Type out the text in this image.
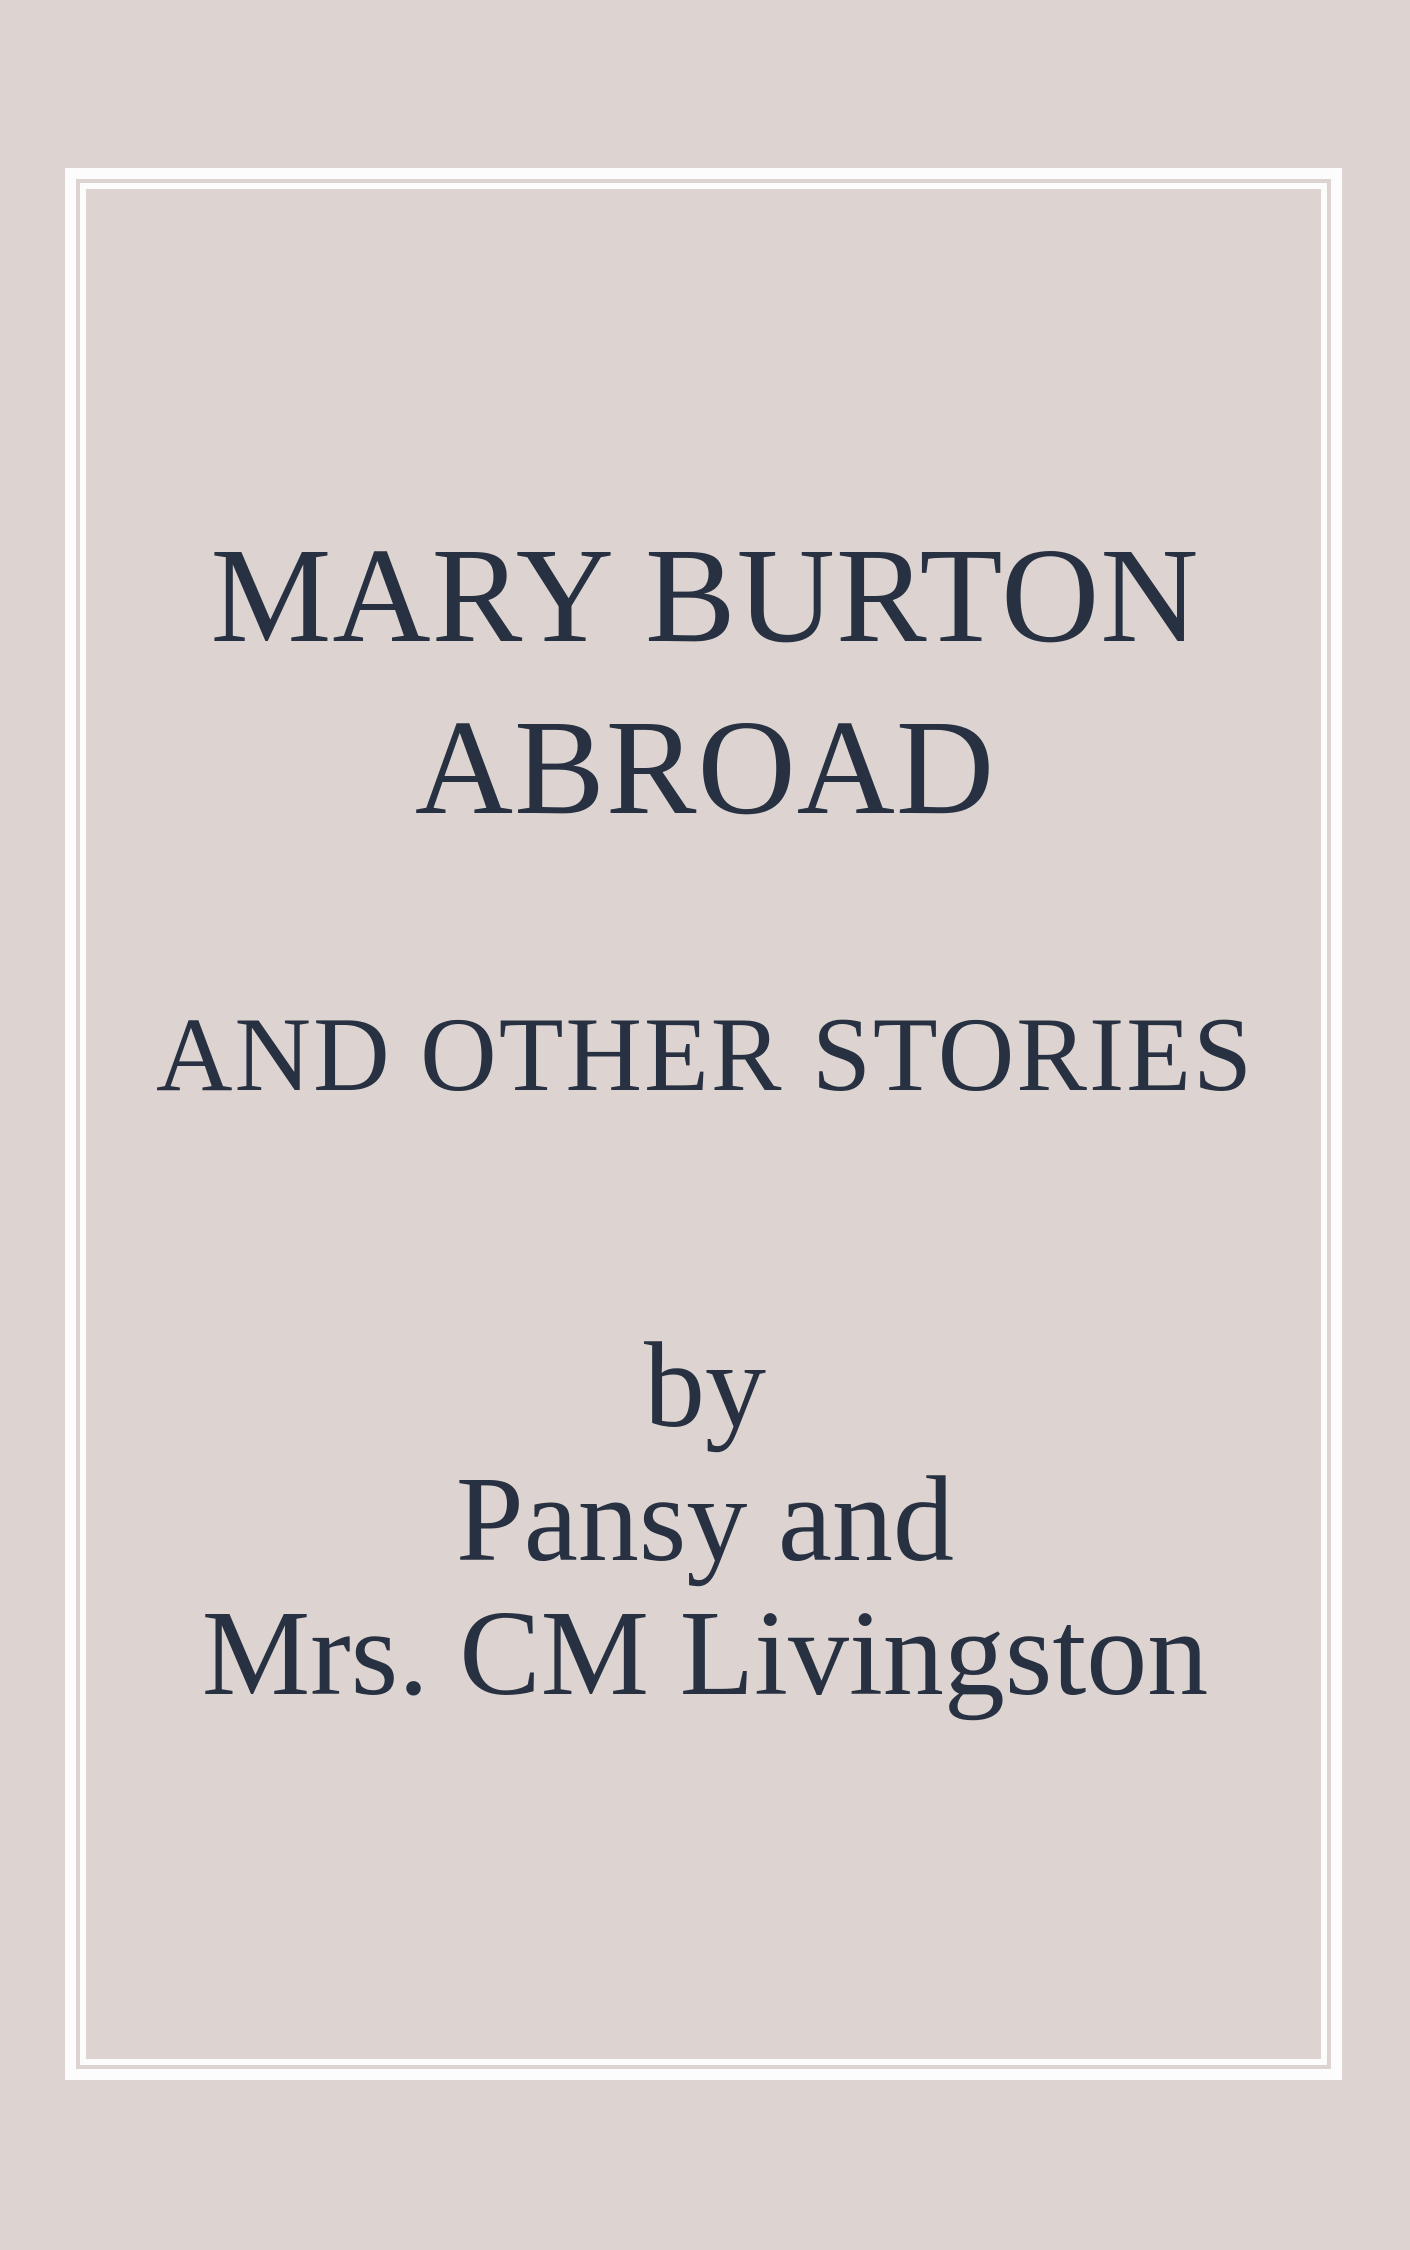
MARY BURTON
ABROAD
AND OTHER STORIES
by
Pansy and
Mrs. CM Livingston
